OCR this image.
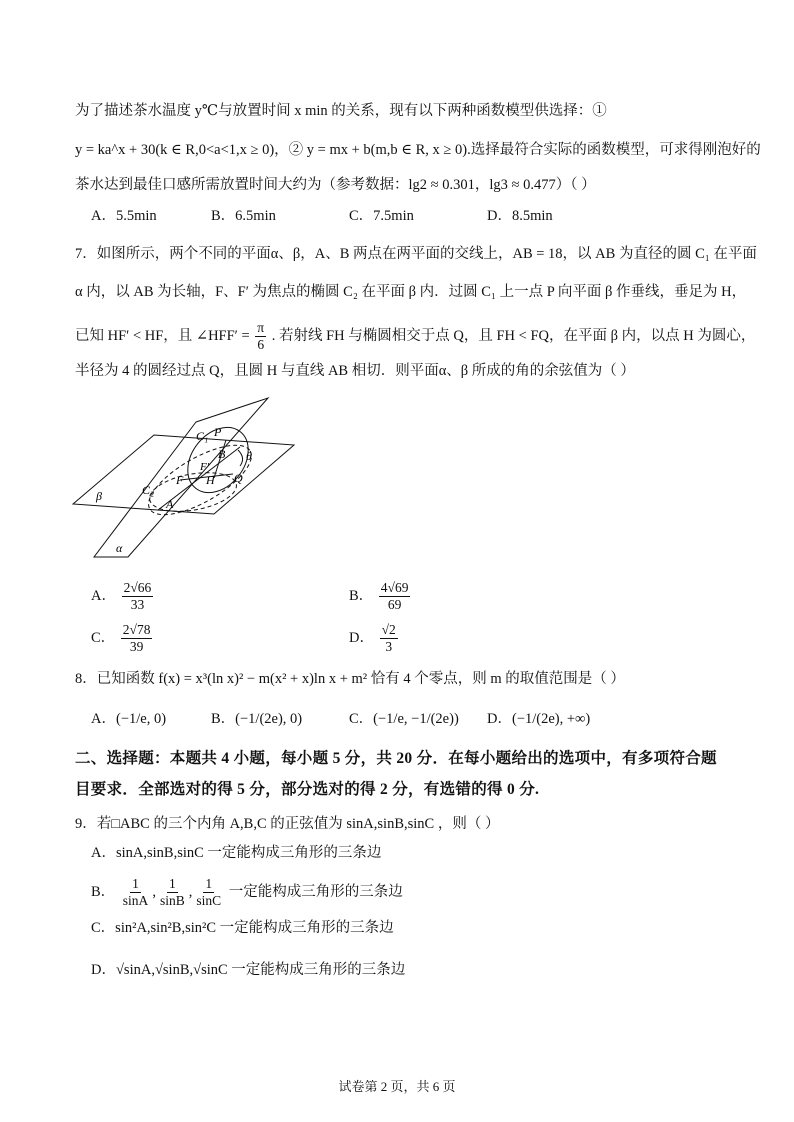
为了描述茶水温度 y℃与放置时间 x min 的关系，现有以下两种函数模型供选择：①
y = ka^x + 30(k ∈ R,0<a<1,x ≥ 0)，② y = mx + b(m,b ∈ R, x ≥ 0).选择最符合实际的函数模型，可求得刚泡好的
茶水达到最佳口感所需放置时间大约为（参考数据：lg2 ≈ 0.301，lg3 ≈ 0.477）（ ）
A．5.5min	B．6.5min	C．7.5min	D．8.5min
7．如图所示，两个不同的平面α、β，A、B 两点在两平面的交线上，AB = 18，以 AB 为直径的圆 C₁ 在平面
α 内，以 AB 为长轴，F、F′ 为焦点的椭圆 C₂ 在平面 β 内．过圆 C₁ 上一点 P 向平面 β 作垂线，垂足为 H，
已知 HF′ < HF，且 ∠HFF′ = $\frac{\pi}{6}$ . 若射线 FH 与椭圆相交于点 Q，且 FH < FQ，在平面 β 内，以点 H 为圆心，
半径为 4 的圆经过点 Q，且圆 H 与直线 AB 相切．则平面α、β 所成的角的余弦值为（ ）
C₁ P
B θ
F′
H Q
F
C₂
A
β
α
A． $\frac{2√66}{33}$	B． $\frac{4√69}{69}$
C． $\frac{2√78}{39}$	D． $\frac{√2}{3}$
8．已知函数 f(x) = x³(ln x)² − m(x² + x)ln x + m² 恰有 4 个零点，则 m 的取值范围是（ ）
A．(−1/e, 0)	B．(−1/(2e), 0)	C．(−1/e, −1/(2e)) D．(−1/(2e), +∞)
二、选择题：本题共 4 小题，每小题 5 分，共 20 分．在每小题给出的选项中，有多项符合题
目要求．全部选对的得 5 分，部分选对的得 2 分，有选错的得 0 分.
9．若□ABC 的三个内角 A,B,C 的正弦值为 sinA,sinB,sinC ，则（ ）
A．sinA,sinB,sinC 一定能构成三角形的三条边
B． $\frac{1}{\sin A}$ , $\frac{1}{\sin B}$ , $\frac{1}{\sin C}$ 一定能构成三角形的三条边
C．sin²A,sin²B,sin²C 一定能构成三角形的三条边
D．√sinA,√sinB,√sinC 一定能构成三角形的三条边
试卷第 2 页，共 6 页
